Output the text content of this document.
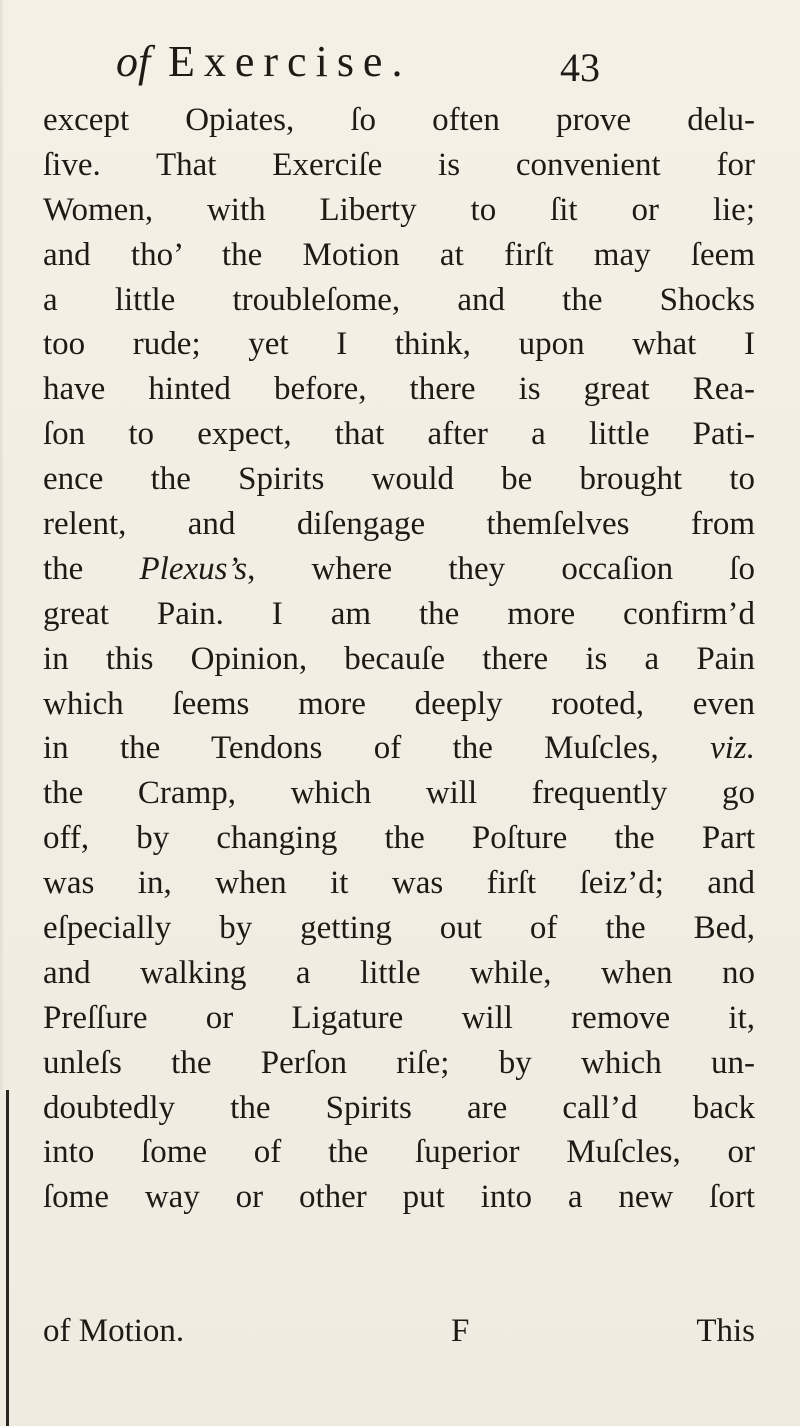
of Exercise.	43
except Opiates, ſo often prove delu-
ſive. That Exerciſe is convenient for
Women, with Liberty to ſit or lie;
and tho’ the Motion at firſt may ſeem
a little troubleſome, and the Shocks
too rude; yet I think, upon what I
have hinted before, there is great Rea-
ſon to expect, that after a little Pati-
ence the Spirits would be brought to
relent, and diſengage themſelves from
the Plexus’s, where they occaſion ſo
great Pain. I am the more confirm’d
in this Opinion, becauſe there is a Pain
which ſeems more deeply rooted, even
in the Tendons of the Muſcles, viz.
the Cramp, which will frequently go
off, by changing the Poſture the Part
was in, when it was firſt ſeiz’d; and
eſpecially by getting out of the Bed,
and walking a little while, when no
Preſſure or Ligature will remove it,
unleſs the Perſon riſe; by which un-
doubtedly the Spirits are call’d back
into ſome of the ſuperior Muſcles, or
ſome way or other put into a new ſort
of Motion.	F	This
